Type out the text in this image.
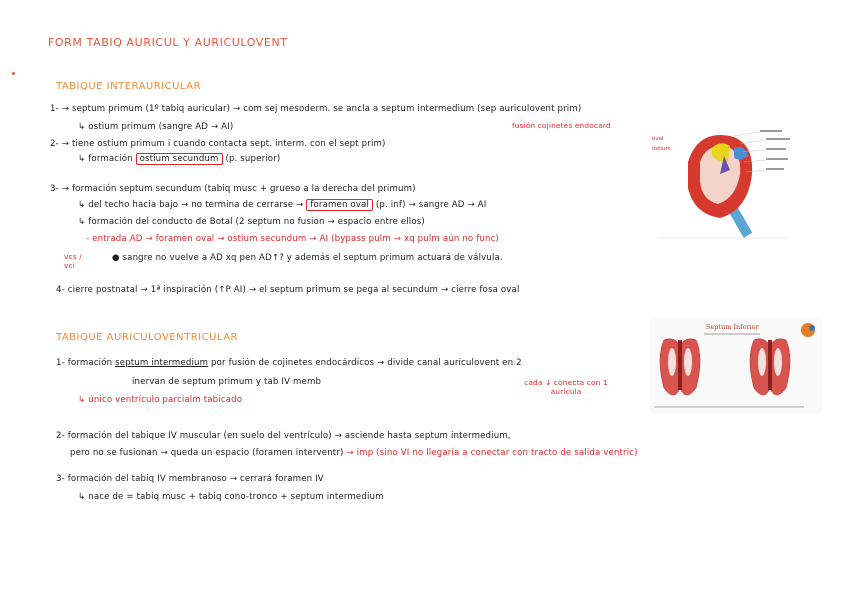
FORM TABIQ AURICUL Y AURICULOVENT
TABIQUE INTERAURICULAR
1- → septum primum (1º tabiq auricular) → com sej mesoderm. se ancla a septum intermedium (sep auriculovent prim)
fusión cojinetes endocard
↳ ostium primum (sangre AD → AI)
2- → tiene ostium primum i cuando contacta sept. interm. con el sept prim)
↳ formación ostium secundum (p. superior)
3- → formación septum secundum (tabiq musc + grueso a la derecha del primum)
↳ del techo hacia bajo → no termina de cerrarse → foramen oval (p. inf) → sangre AD → AI
↳ formación del conducto de Botal (2 septum no fusion → espacio entre ellos)
- entrada AD → foramen oval → ostium secundum → AI (bypass pulm → xq pulm aún no func)
vcs / vci
● sangre no vuelve a AD xq pen AD↑? y además el septum primum actuará de válvula.
4- cierre postnatal → 1ª inspiración (↑P AI) → el septum primum se pega al secundum → cierre fosa oval
oval
ostium
TABIQUE AURICULOVENTRICULAR
1- formación septum intermedium por fusión de cojinetes endocárdicos → divide canal auriculovent en 2
inervan de septum primum y tab IV memb	cada ↓ conecta con 1 aurícula
↳ único ventrículo parcialm tabicado
2- formación del tabique IV muscular (en suelo del ventrículo) → asciende hasta septum intermedium,
pero no se fusionan → queda un espacio (foramen interventr) → imp (sino VI no llegaría a conectar con tracto de salida ventric)
3- formación del tabiq IV membranoso → cerrará foramen IV
↳ nace de = tabiq musc + tabiq cono-tronco + septum intermedium
Septum Inferior
